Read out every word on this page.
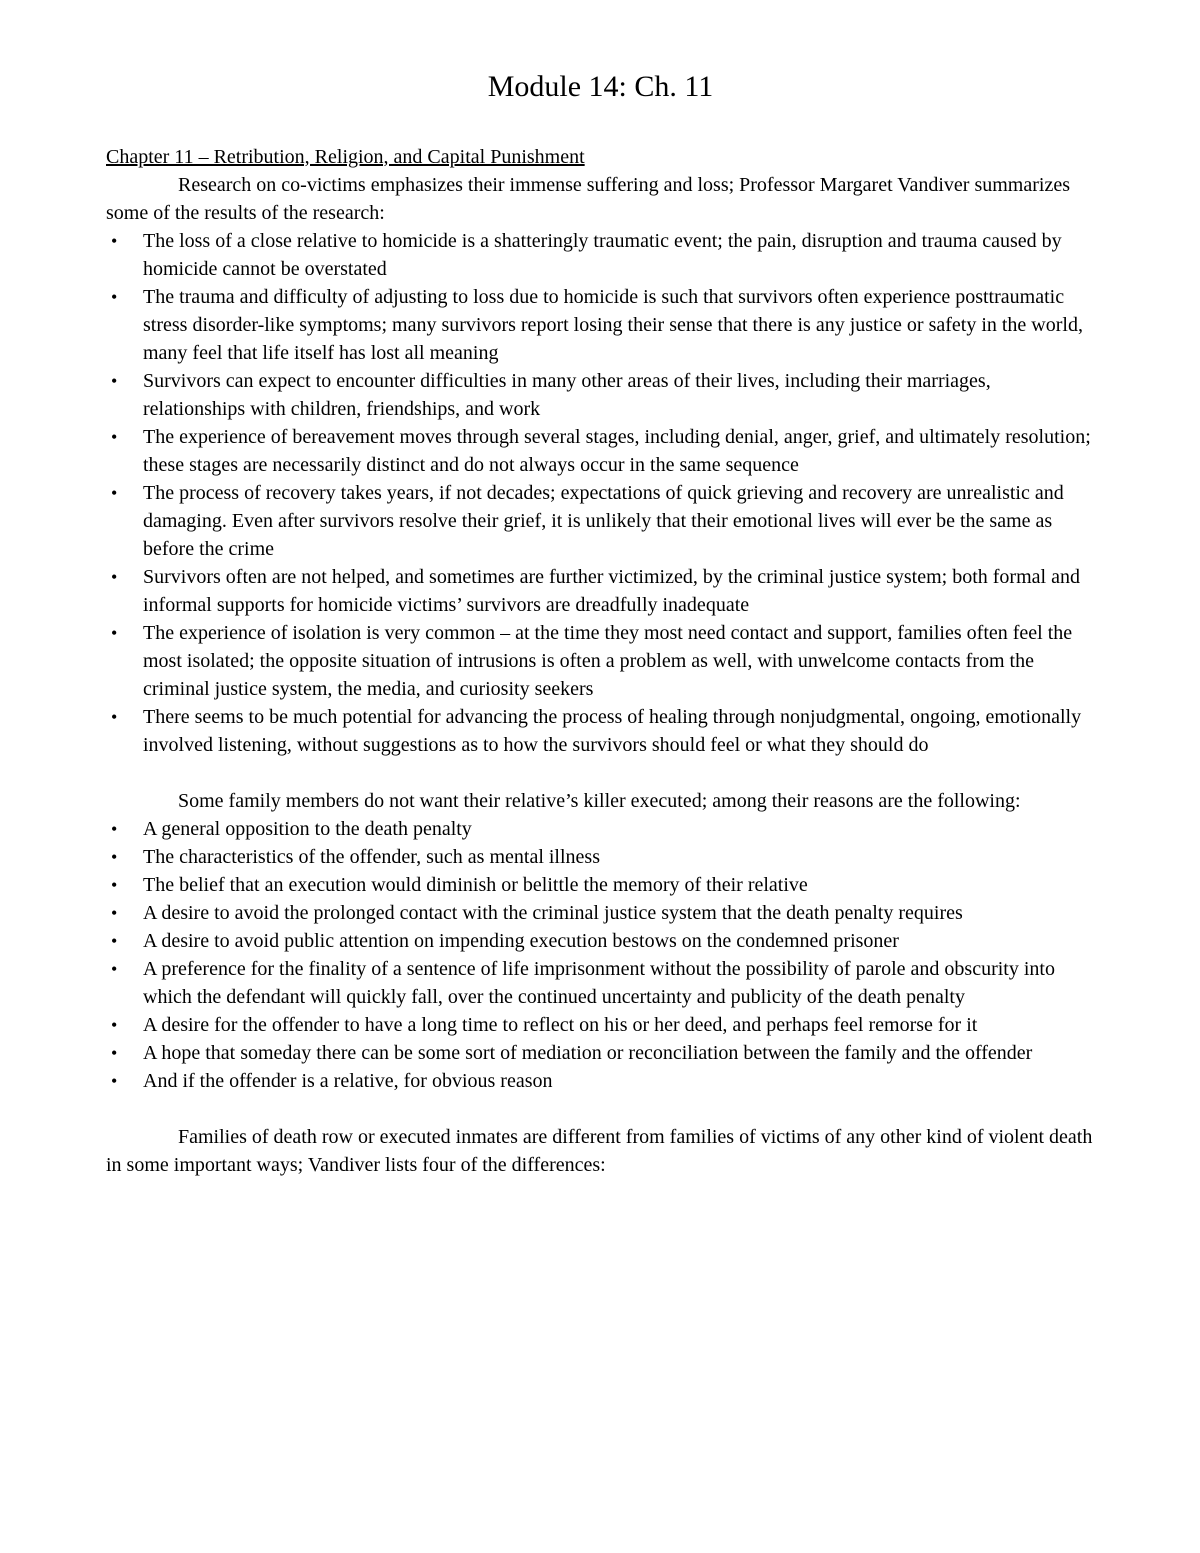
Module 14: Ch. 11
Chapter 11 – Retribution, Religion, and Capital Punishment

Research on co-victims emphasizes their immense suffering and loss; Professor Margaret Vandiver summarizes some of the results of the research:

• The loss of a close relative to homicide is a shatteringly traumatic event; the pain, disruption and trauma caused by homicide cannot be overstated
• The trauma and difficulty of adjusting to loss due to homicide is such that survivors often experience posttraumatic stress disorder-like symptoms; many survivors report losing their sense that there is any justice or safety in the world, many feel that life itself has lost all meaning
• Survivors can expect to encounter difficulties in many other areas of their lives, including their marriages, relationships with children, friendships, and work
• The experience of bereavement moves through several stages, including denial, anger, grief, and ultimately resolution; these stages are necessarily distinct and do not always occur in the same sequence
• The process of recovery takes years, if not decades; expectations of quick grieving and recovery are unrealistic and damaging. Even after survivors resolve their grief, it is unlikely that their emotional lives will ever be the same as before the crime
• Survivors often are not helped, and sometimes are further victimized, by the criminal justice system; both formal and informal supports for homicide victims’ survivors are dreadfully inadequate
• The experience of isolation is very common – at the time they most need contact and support, families often feel the most isolated; the opposite situation of intrusions is often a problem as well, with unwelcome contacts from the criminal justice system, the media, and curiosity seekers
• There seems to be much potential for advancing the process of healing through nonjudgmental, ongoing, emotionally involved listening, without suggestions as to how the survivors should feel or what they should do

Some family members do not want their relative’s killer executed; among their reasons are the following:

• A general opposition to the death penalty
• The characteristics of the offender, such as mental illness
• The belief that an execution would diminish or belittle the memory of their relative
• A desire to avoid the prolonged contact with the criminal justice system that the death penalty requires
• A desire to avoid public attention on impending execution bestows on the condemned prisoner
• A preference for the finality of a sentence of life imprisonment without the possibility of parole and obscurity into which the defendant will quickly fall, over the continued uncertainty and publicity of the death penalty
• A desire for the offender to have a long time to reflect on his or her deed, and perhaps feel remorse for it
• A hope that someday there can be some sort of mediation or reconciliation between the family and the offender
• And if the offender is a relative, for obvious reason

Families of death row or executed inmates are different from families of victims of any other kind of violent death in some important ways; Vandiver lists four of the differences:
